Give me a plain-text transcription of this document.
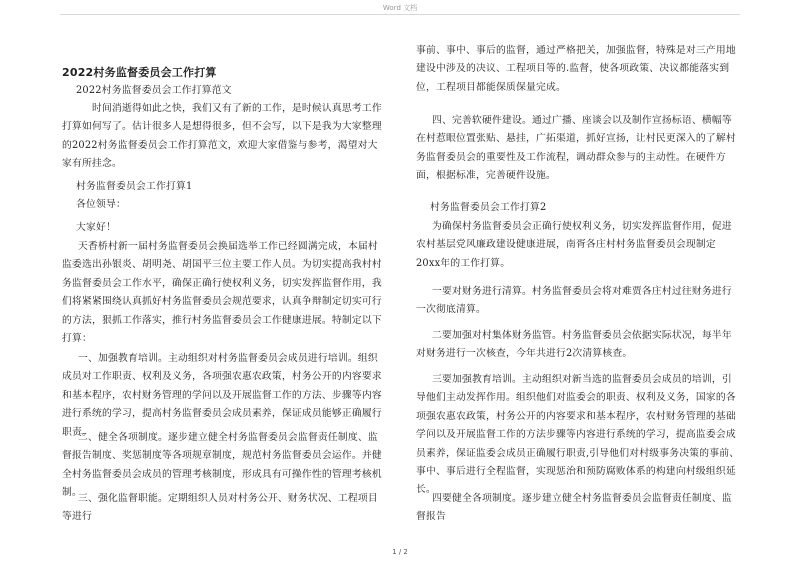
Word 文档

2022村务监督委员会工作打算

2022村务监督委员会工作打算范文

时间消逝得如此之快，我们又有了新的工作，是时候认真思考工作打算如何写了。估计很多人是想得很多，但不会写，以下是我为大家整理的2022村务监督委员会工作打算范文，欢迎大家借鉴与参考，渴望对大家有所挂念。

村务监督委员会工作打算1

各位领导：

大家好！

天香桥村新一届村务监督委员会换届选举工作已经圆满完成，本届村监委选出孙银炎、胡明尧、胡国平三位主要工作人员。为切实提高我村村务监督委员会工作水平，确保正确行使权利义务，切实发挥监督作用，我们将紧紧围绕认真抓好村务监督委员会规范要求，认真争辩制定切实可行的方法，狠抓工作落实，推行村务监督委员会工作健康进展。特制定以下打算：

一、加强教育培训。主动组织对村务监督委员会成员进行培训。组织成员对工作职责、权利及义务，各项强农惠农政策，村务公开的内容要求和基本程序，农村财务管理的学问以及开展监督工作的方法、步骤等内容进行系统的学习，提高村务监督委员会成员素养，保证成员能够正确履行职责。

二、健全各项制度。逐步建立健全村务监督委员会监督责任制度、监督报告制度、奖惩制度等各项规章制度，规范村务监督委员会运作。并健全村务监督委员会成员的管理考核制度，形成具有可操作性的管理考核机制。

三、强化监督职能。定期组织人员对村务公开、财务状况、工程项目等进行

事前、事中、事后的监督，通过严格把关，加强监督，特殊是对三产用地建设中涉及的决议、工程项目等的.监督，使各项政策、决议都能落实到位，工程项目都能保质保量完成。

四、完善软硬件建设。通过广播、座谈会以及制作宣扬标语、横幅等在村惹眼位置张贴、悬挂，广拓渠道，抓好宣扬，让村民更深入的了解村务监督委员会的重要性及工作流程，调动群众参与的主动性。在硬件方面，根据标准，完善硬件设施。

村务监督委员会工作打算2

为确保村务监督委员会正确行使权利义务，切实发挥监督作用，促进农村基层党风廉政建设健康进展，南胥各庄村村务监督委员会现制定20xx年的工作打算。

一要对财务进行清算。村务监督委员会将对难贾各庄村过往财务进行一次彻底清算。

二要加强对村集体财务监管。村务监督委员会依据实际状况，每半年对财务进行一次核查，今年共进行2次清算核查。

三要加强教育培训。主动组织对新当选的监督委员会成员的培训，引导他们主动发挥作用。组织他们对监委会的职责、权利及义务，国家的各项强农惠农政策，村务公开的内容要求和基本程序，农村财务管理的基础学问以及开展监督工作的方法步骤等内容进行系统的学习，提高监委会成员素养，保证监委会成员正确履行职责,引导他们对村级事务决策的事前、事中、事后进行全程监督，实现惩治和预防腐败体系的构建向村级组织延长。

四要健全各项制度。逐步建立健全村务监督委员会监督责任制度、监督报告

1 / 2
